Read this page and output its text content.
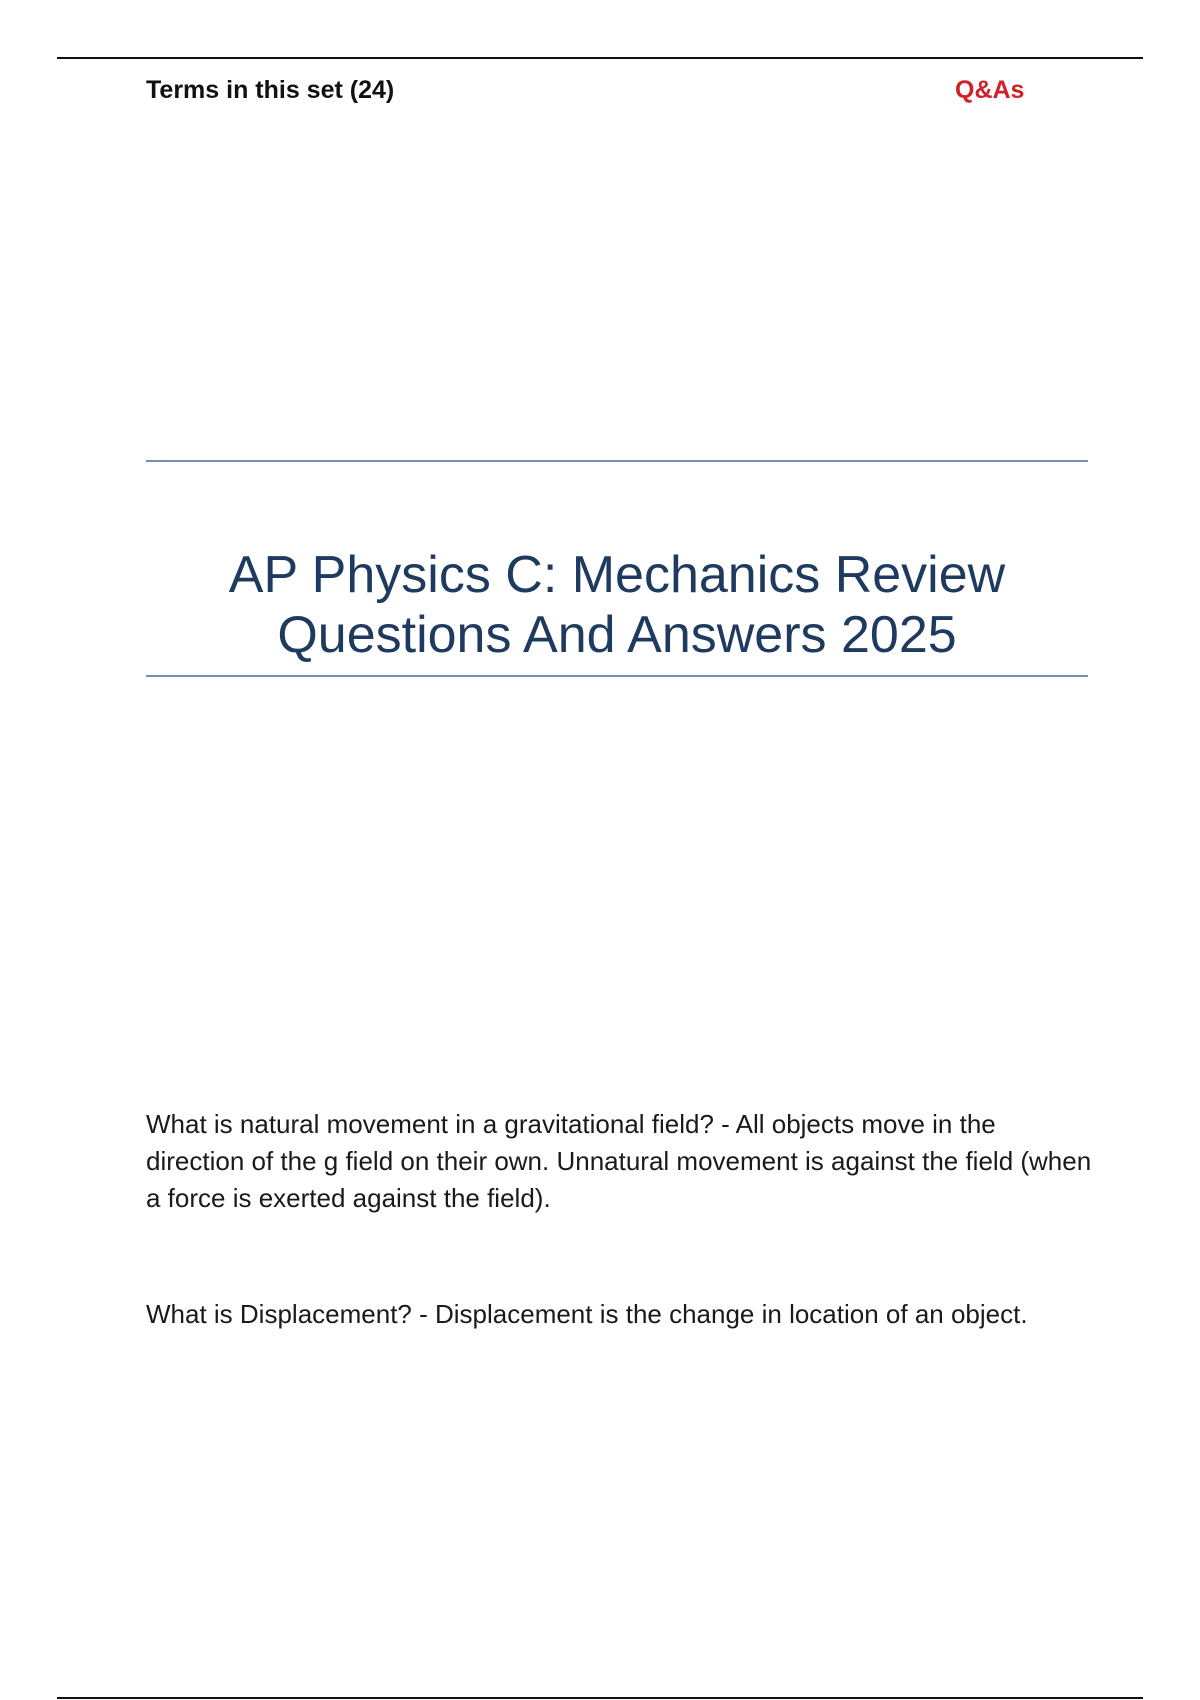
Terms in this set (24)	Q&As
AP Physics C: Mechanics Review
Questions And Answers 2025

What is natural movement in a gravitational field? - All objects move in the direction of the g field on their own. Unnatural movement is against the field (when a force is exerted against the field).

What is Displacement? - Displacement is the change in location of an object.
